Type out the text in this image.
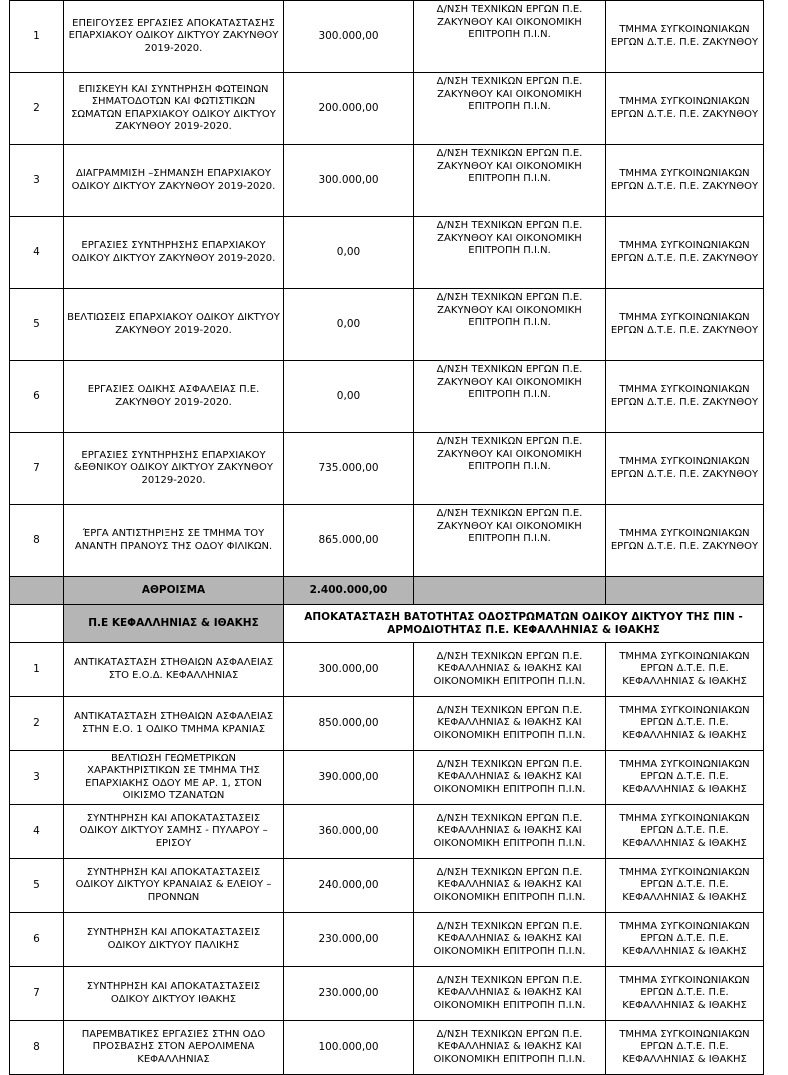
1	ΕΠΕΙΓΟΥΣΕΣ ΕΡΓΑΣΙΕΣ ΑΠΟΚΑΤΑΣΤΑΣΗΣ ΕΠΑΡΧΙΑΚΟΥ ΟΔΙΚΟΥ ΔΙΚΤΥΟΥ ΖΑΚΥΝΘΟΥ 2019-2020.	300.000,00	Δ/ΝΣΗ ΤΕΧΝΙΚΩΝ ΕΡΓΩΝ Π.Ε. ΖΑΚΥΝΘΟΥ ΚΑΙ ΟΙΚΟΝΟΜΙΚΗ ΕΠΙΤΡΟΠΗ Π.Ι.Ν.	ΤΜΗΜΑ ΣΥΓΚΟΙΝΩΝΙΑΚΩΝ ΕΡΓΩΝ Δ.Τ.Ε. Π.Ε. ΖΑΚΥΝΘΟΥ
2	ΕΠΙΣΚΕΥΗ ΚΑΙ ΣΥΝΤΗΡΗΣΗ ΦΩΤΕΙΝΩΝ ΣΗΜΑΤΟΔΟΤΩΝ ΚΑΙ ΦΩΤΙΣΤΙΚΩΝ ΣΩΜΑΤΩΝ ΕΠΑΡΧΙΑΚΟΥ ΟΔΙΚΟΥ ΔΙΚΤΥΟΥ ΖΑΚΥΝΘΟΥ 2019-2020.	200.000,00	Δ/ΝΣΗ ΤΕΧΝΙΚΩΝ ΕΡΓΩΝ Π.Ε. ΖΑΚΥΝΘΟΥ ΚΑΙ ΟΙΚΟΝΟΜΙΚΗ ΕΠΙΤΡΟΠΗ Π.Ι.Ν.	ΤΜΗΜΑ ΣΥΓΚΟΙΝΩΝΙΑΚΩΝ ΕΡΓΩΝ Δ.Τ.Ε. Π.Ε. ΖΑΚΥΝΘΟΥ
3	ΔΙΑΓΡΑΜΜΙΣΗ –ΣΗΜΑΝΣΗ ΕΠΑΡΧΙΑΚΟΥ ΟΔΙΚΟΥ ΔΙΚΤΥΟΥ ΖΑΚΥΝΘΟΥ 2019-2020.	300.000,00	Δ/ΝΣΗ ΤΕΧΝΙΚΩΝ ΕΡΓΩΝ Π.Ε. ΖΑΚΥΝΘΟΥ ΚΑΙ ΟΙΚΟΝΟΜΙΚΗ ΕΠΙΤΡΟΠΗ Π.Ι.Ν.	ΤΜΗΜΑ ΣΥΓΚΟΙΝΩΝΙΑΚΩΝ ΕΡΓΩΝ Δ.Τ.Ε. Π.Ε. ΖΑΚΥΝΘΟΥ
4	ΕΡΓΑΣΙΕΣ ΣΥΝΤΗΡΗΣΗΣ ΕΠΑΡΧΙΑΚΟΥ ΟΔΙΚΟΥ ΔΙΚΤΥΟΥ ΖΑΚΥΝΘΟΥ 2019-2020.	0,00	Δ/ΝΣΗ ΤΕΧΝΙΚΩΝ ΕΡΓΩΝ Π.Ε. ΖΑΚΥΝΘΟΥ ΚΑΙ ΟΙΚΟΝΟΜΙΚΗ ΕΠΙΤΡΟΠΗ Π.Ι.Ν.	ΤΜΗΜΑ ΣΥΓΚΟΙΝΩΝΙΑΚΩΝ ΕΡΓΩΝ Δ.Τ.Ε. Π.Ε. ΖΑΚΥΝΘΟΥ
5	ΒΕΛΤΙΩΣΕΙΣ ΕΠΑΡΧΙΑΚΟΥ ΟΔΙΚΟΥ ΔΙΚΤΥΟΥ ΖΑΚΥΝΘΟΥ 2019-2020.	0,00	Δ/ΝΣΗ ΤΕΧΝΙΚΩΝ ΕΡΓΩΝ Π.Ε. ΖΑΚΥΝΘΟΥ ΚΑΙ ΟΙΚΟΝΟΜΙΚΗ ΕΠΙΤΡΟΠΗ Π.Ι.Ν.	ΤΜΗΜΑ ΣΥΓΚΟΙΝΩΝΙΑΚΩΝ ΕΡΓΩΝ Δ.Τ.Ε. Π.Ε. ΖΑΚΥΝΘΟΥ
6	ΕΡΓΑΣΙΕΣ ΟΔΙΚΗΣ ΑΣΦΑΛΕΙΑΣ Π.Ε. ΖΑΚΥΝΘΟΥ 2019-2020.	0,00	Δ/ΝΣΗ ΤΕΧΝΙΚΩΝ ΕΡΓΩΝ Π.Ε. ΖΑΚΥΝΘΟΥ ΚΑΙ ΟΙΚΟΝΟΜΙΚΗ ΕΠΙΤΡΟΠΗ Π.Ι.Ν.	ΤΜΗΜΑ ΣΥΓΚΟΙΝΩΝΙΑΚΩΝ ΕΡΓΩΝ Δ.Τ.Ε. Π.Ε. ΖΑΚΥΝΘΟΥ
7	ΕΡΓΑΣΙΕΣ ΣΥΝΤΗΡΗΣΗΣ ΕΠΑΡΧΙΑΚΟΥ &ΕΘΝΙΚΟΥ ΟΔΙΚΟΥ ΔΙΚΤΥΟΥ ΖΑΚΥΝΘΟΥ 20129-2020.	735.000,00	Δ/ΝΣΗ ΤΕΧΝΙΚΩΝ ΕΡΓΩΝ Π.Ε. ΖΑΚΥΝΘΟΥ ΚΑΙ ΟΙΚΟΝΟΜΙΚΗ ΕΠΙΤΡΟΠΗ Π.Ι.Ν.	ΤΜΗΜΑ ΣΥΓΚΟΙΝΩΝΙΑΚΩΝ ΕΡΓΩΝ Δ.Τ.Ε. Π.Ε. ΖΑΚΥΝΘΟΥ
8	ΈΡΓΑ ΑΝΤΙΣΤΗΡΙΞΗΣ ΣΕ ΤΜΗΜΑ ΤΟΥ ΑΝΑΝΤΗ ΠΡΑΝΟΥΣ ΤΗΣ ΟΔΟΥ ΦΙΛΙΚΩΝ.	865.000,00	Δ/ΝΣΗ ΤΕΧΝΙΚΩΝ ΕΡΓΩΝ Π.Ε. ΖΑΚΥΝΘΟΥ ΚΑΙ ΟΙΚΟΝΟΜΙΚΗ ΕΠΙΤΡΟΠΗ Π.Ι.Ν.	ΤΜΗΜΑ ΣΥΓΚΟΙΝΩΝΙΑΚΩΝ ΕΡΓΩΝ Δ.Τ.Ε. Π.Ε. ΖΑΚΥΝΘΟΥ
	ΑΘΡΟΙΣΜΑ	2.400.000,00		
	Π.Ε ΚΕΦΑΛΛΗΝΙΑΣ & ΙΘΑΚΗΣ	ΑΠΟΚΑΤΑΣΤΑΣΗ ΒΑΤΟΤΗΤΑΣ ΟΔΟΣΤΡΩΜΑΤΩΝ ΟΔΙΚΟΥ ΔΙΚΤΥΟΥ ΤΗΣ ΠΙΝ - ΑΡΜΟΔΙΟΤΗΤΑΣ Π.Ε. ΚΕΦΑΛΛΗΝΙΑΣ & ΙΘΑΚΗΣ		
1	ΑΝΤΙΚΑΤΑΣΤΑΣΗ ΣΤΗΘΑΙΩΝ ΑΣΦΑΛΕΙΑΣ ΣΤΟ Ε.Ο.Δ. ΚΕΦΑΛΛΗΝΙΑΣ	300.000,00	Δ/ΝΣΗ ΤΕΧΝΙΚΩΝ ΕΡΓΩΝ Π.Ε. ΚΕΦΑΛΛΗΝΙΑΣ & ΙΘΑΚΗΣ ΚΑΙ ΟΙΚΟΝΟΜΙΚΗ ΕΠΙΤΡΟΠΗ Π.Ι.Ν.	ΤΜΗΜΑ ΣΥΓΚΟΙΝΩΝΙΑΚΩΝ ΕΡΓΩΝ Δ.Τ.Ε. Π.Ε. ΚΕΦΑΛΛΗΝΙΑΣ & ΙΘΑΚΗΣ
2	ΑΝΤΙΚΑΤΑΣΤΑΣΗ ΣΤΗΘΑΙΩΝ ΑΣΦΑΛΕΙΑΣ ΣΤΗΝ Ε.Ο. 1 ΟΔΙΚΟ ΤΜΗΜΑ ΚΡΑΝΙΑΣ	850.000,00	Δ/ΝΣΗ ΤΕΧΝΙΚΩΝ ΕΡΓΩΝ Π.Ε. ΚΕΦΑΛΛΗΝΙΑΣ & ΙΘΑΚΗΣ ΚΑΙ ΟΙΚΟΝΟΜΙΚΗ ΕΠΙΤΡΟΠΗ Π.Ι.Ν.	ΤΜΗΜΑ ΣΥΓΚΟΙΝΩΝΙΑΚΩΝ ΕΡΓΩΝ Δ.Τ.Ε. Π.Ε. ΚΕΦΑΛΛΗΝΙΑΣ & ΙΘΑΚΗΣ
3	ΒΕΛΤΙΩΣΗ ΓΕΩΜΕΤΡΙΚΩΝ ΧΑΡΑΚΤΗΡΙΣΤΙΚΩΝ ΣΕ ΤΜΗΜΑ ΤΗΣ ΕΠΑΡΧΙΑΚΗΣ ΟΔΟΥ ΜΕ ΑΡ. 1, ΣΤΟΝ ΟΙΚΙΣΜΟ ΤΖΑΝΑΤΩΝ	390.000,00	Δ/ΝΣΗ ΤΕΧΝΙΚΩΝ ΕΡΓΩΝ Π.Ε. ΚΕΦΑΛΛΗΝΙΑΣ & ΙΘΑΚΗΣ ΚΑΙ ΟΙΚΟΝΟΜΙΚΗ ΕΠΙΤΡΟΠΗ Π.Ι.Ν.	ΤΜΗΜΑ ΣΥΓΚΟΙΝΩΝΙΑΚΩΝ ΕΡΓΩΝ Δ.Τ.Ε. Π.Ε. ΚΕΦΑΛΛΗΝΙΑΣ & ΙΘΑΚΗΣ
4	ΣΥΝΤΗΡΗΣΗ ΚΑΙ ΑΠΟΚΑΤΑΣΤΑΣΕΙΣ ΟΔΙΚΟΥ ΔΙΚΤΥΟΥ ΣΑΜΗΣ - ΠΥΛΑΡΟΥ – ΕΡΙΣΟΥ	360.000,00	Δ/ΝΣΗ ΤΕΧΝΙΚΩΝ ΕΡΓΩΝ Π.Ε. ΚΕΦΑΛΛΗΝΙΑΣ & ΙΘΑΚΗΣ ΚΑΙ ΟΙΚΟΝΟΜΙΚΗ ΕΠΙΤΡΟΠΗ Π.Ι.Ν.	ΤΜΗΜΑ ΣΥΓΚΟΙΝΩΝΙΑΚΩΝ ΕΡΓΩΝ Δ.Τ.Ε. Π.Ε. ΚΕΦΑΛΛΗΝΙΑΣ & ΙΘΑΚΗΣ
5	ΣΥΝΤΗΡΗΣΗ ΚΑΙ ΑΠΟΚΑΤΑΣΤΑΣΕΙΣ ΟΔΙΚΟΥ ΔΙΚΤΥΟΥ ΚΡΑΝΑΙΑΣ & ΕΛΕΙΟΥ – ΠΡΟΝΝΩΝ	240.000,00	Δ/ΝΣΗ ΤΕΧΝΙΚΩΝ ΕΡΓΩΝ Π.Ε. ΚΕΦΑΛΛΗΝΙΑΣ & ΙΘΑΚΗΣ ΚΑΙ ΟΙΚΟΝΟΜΙΚΗ ΕΠΙΤΡΟΠΗ Π.Ι.Ν.	ΤΜΗΜΑ ΣΥΓΚΟΙΝΩΝΙΑΚΩΝ ΕΡΓΩΝ Δ.Τ.Ε. Π.Ε. ΚΕΦΑΛΛΗΝΙΑΣ & ΙΘΑΚΗΣ
6	ΣΥΝΤΗΡΗΣΗ ΚΑΙ ΑΠΟΚΑΤΑΣΤΑΣΕΙΣ ΟΔΙΚΟΥ ΔΙΚΤΥΟΥ ΠΑΛΙΚΗΣ	230.000,00	Δ/ΝΣΗ ΤΕΧΝΙΚΩΝ ΕΡΓΩΝ Π.Ε. ΚΕΦΑΛΛΗΝΙΑΣ & ΙΘΑΚΗΣ ΚΑΙ ΟΙΚΟΝΟΜΙΚΗ ΕΠΙΤΡΟΠΗ Π.Ι.Ν.	ΤΜΗΜΑ ΣΥΓΚΟΙΝΩΝΙΑΚΩΝ ΕΡΓΩΝ Δ.Τ.Ε. Π.Ε. ΚΕΦΑΛΛΗΝΙΑΣ & ΙΘΑΚΗΣ
7	ΣΥΝΤΗΡΗΣΗ ΚΑΙ ΑΠΟΚΑΤΑΣΤΑΣΕΙΣ ΟΔΙΚΟΥ ΔΙΚΤΥΟΥ ΙΘΑΚΗΣ	230.000,00	Δ/ΝΣΗ ΤΕΧΝΙΚΩΝ ΕΡΓΩΝ Π.Ε. ΚΕΦΑΛΛΗΝΙΑΣ & ΙΘΑΚΗΣ ΚΑΙ ΟΙΚΟΝΟΜΙΚΗ ΕΠΙΤΡΟΠΗ Π.Ι.Ν.	ΤΜΗΜΑ ΣΥΓΚΟΙΝΩΝΙΑΚΩΝ ΕΡΓΩΝ Δ.Τ.Ε. Π.Ε. ΚΕΦΑΛΛΗΝΙΑΣ & ΙΘΑΚΗΣ
8	ΠΑΡΕΜΒΑΤΙΚΕΣ ΕΡΓΑΣΙΕΣ ΣΤΗΝ ΟΔΟ ΠΡΟΣΒΑΣΗΣ ΣΤΟΝ ΑΕΡΟΛΙΜΕΝΑ ΚΕΦΑΛΛΗΝΙΑΣ	100.000,00	Δ/ΝΣΗ ΤΕΧΝΙΚΩΝ ΕΡΓΩΝ Π.Ε. ΚΕΦΑΛΛΗΝΙΑΣ & ΙΘΑΚΗΣ ΚΑΙ ΟΙΚΟΝΟΜΙΚΗ ΕΠΙΤΡΟΠΗ Π.Ι.Ν.	ΤΜΗΜΑ ΣΥΓΚΟΙΝΩΝΙΑΚΩΝ ΕΡΓΩΝ Δ.Τ.Ε. Π.Ε. ΚΕΦΑΛΛΗΝΙΑΣ & ΙΘΑΚΗΣ
